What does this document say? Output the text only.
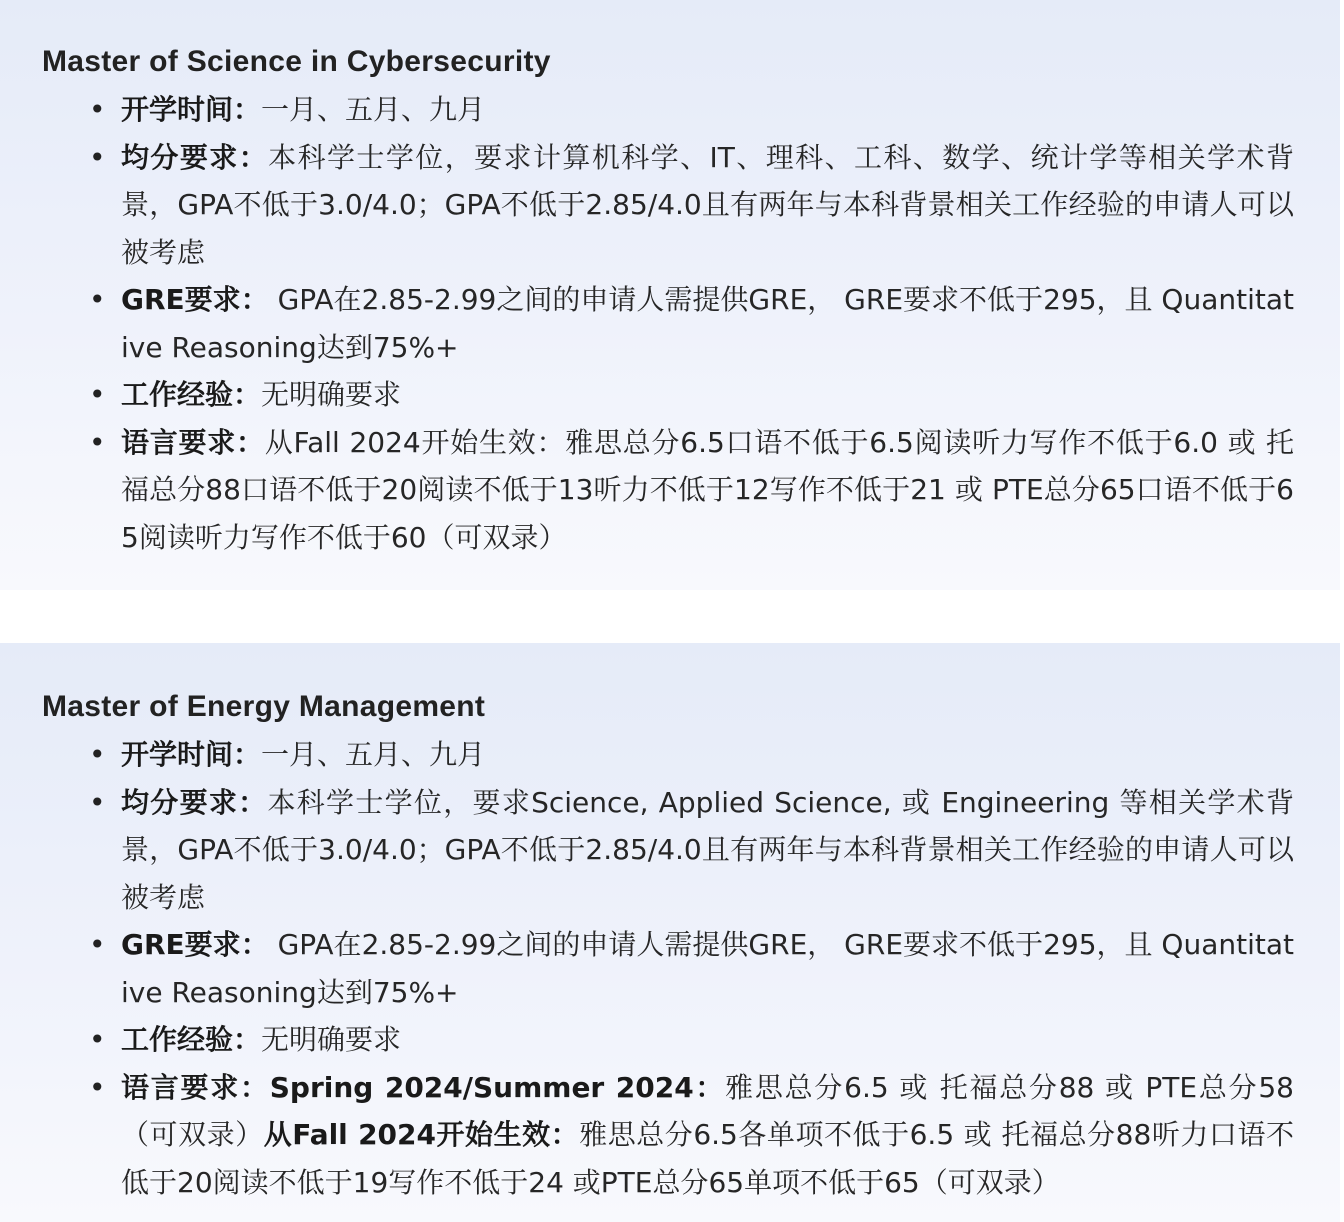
Master of Science in Cybersecurity
• 开学时间：一月、五月、九月
• 均分要求：本科学士学位，要求计算机科学、IT、理科、工科、数学、统计学等相关学术背景，GPA不低于3.0/4.0；GPA不低于2.85/4.0且有两年与本科背景相关工作经验的申请人可以被考虑
• GRE要求： GPA在2.85-2.99之间的申请人需提供GRE， GRE要求不低于295，且 Quantitative Reasoning达到75%+
• 工作经验：无明确要求
• 语言要求：从Fall 2024开始生效：雅思总分6.5口语不低于6.5阅读听力写作不低于6.0 或 托福总分88口语不低于20阅读不低于13听力不低于12写作不低于21 或 PTE总分65口语不低于65阅读听力写作不低于60（可双录）
Master of Energy Management
• 开学时间：一月、五月、九月
• 均分要求：本科学士学位，要求Science, Applied Science, 或 Engineering 等相关学术背景，GPA不低于3.0/4.0；GPA不低于2.85/4.0且有两年与本科背景相关工作经验的申请人可以被考虑
• GRE要求： GPA在2.85-2.99之间的申请人需提供GRE， GRE要求不低于295，且 Quantitative Reasoning达到75%+
• 工作经验：无明确要求
• 语言要求：Spring 2024/Summer 2024：雅思总分6.5 或 托福总分88 或 PTE总分58（可双录）从Fall 2024开始生效：雅思总分6.5各单项不低于6.5 或 托福总分88听力口语不低于20阅读不低于19写作不低于24 或PTE总分65单项不低于65（可双录）
